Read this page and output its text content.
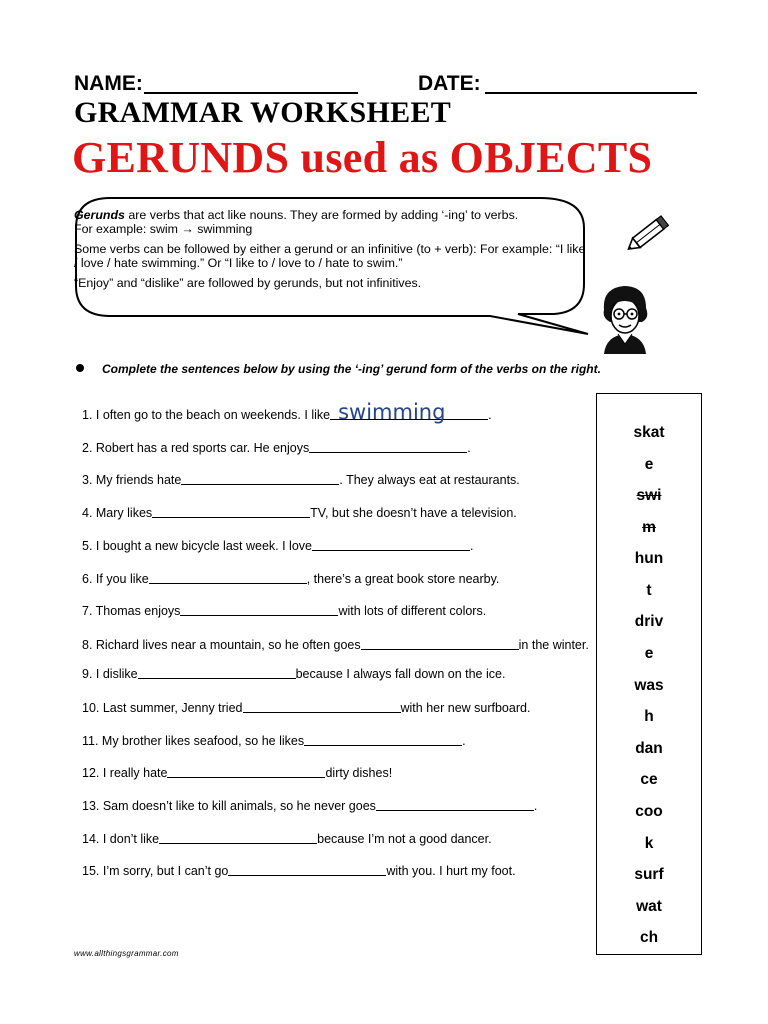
NAME:	DATE:
GRAMMAR WORKSHEET
GERUNDS used as OBJECTS

Gerunds are verbs that act like nouns. They are formed by adding ‘-ing’ to verbs.
For example: swim → swimming

Some verbs can be followed by either a gerund or an infinitive (to + verb): For example: “I like / love / hate swimming.” Or “I like to / love to / hate to swim.”

“Enjoy” and “dislike” are followed by gerunds, but not infinitives.

Complete the sentences below by using the ‘-ing’ gerund form of the verbs on the right.
1. I often go to the beach on weekends. I like swimming	.
2. Robert has a red sports car. He enjoys	.
3. My friends hate	. They always eat at restaurants.
4. Mary likes	TV, but she doesn’t have a television.
5. I bought a new bicycle last week. I love	.
6. If you like	, there’s a great book store nearby.
7. Thomas enjoys	with lots of different colors.
8. Richard lives near a mountain, so he often goes	in the winter.
9. I dislike	because I always fall down on the ice.
10. Last summer, Jenny tried	with her new surfboard.
11. My brother likes seafood, so he likes	.
12. I really hate	dirty dishes!
13. Sam doesn’t like to kill animals, so he never goes	.
14. I don’t like	because I’m not a good dancer.
15. I’m sorry, but I can’t go	with you. I hurt my foot.
skat
e
swi
m
hun
t
driv
e
was
h
dan
ce
coo
k
surf
wat
ch
www.allthingsgrammar.com
